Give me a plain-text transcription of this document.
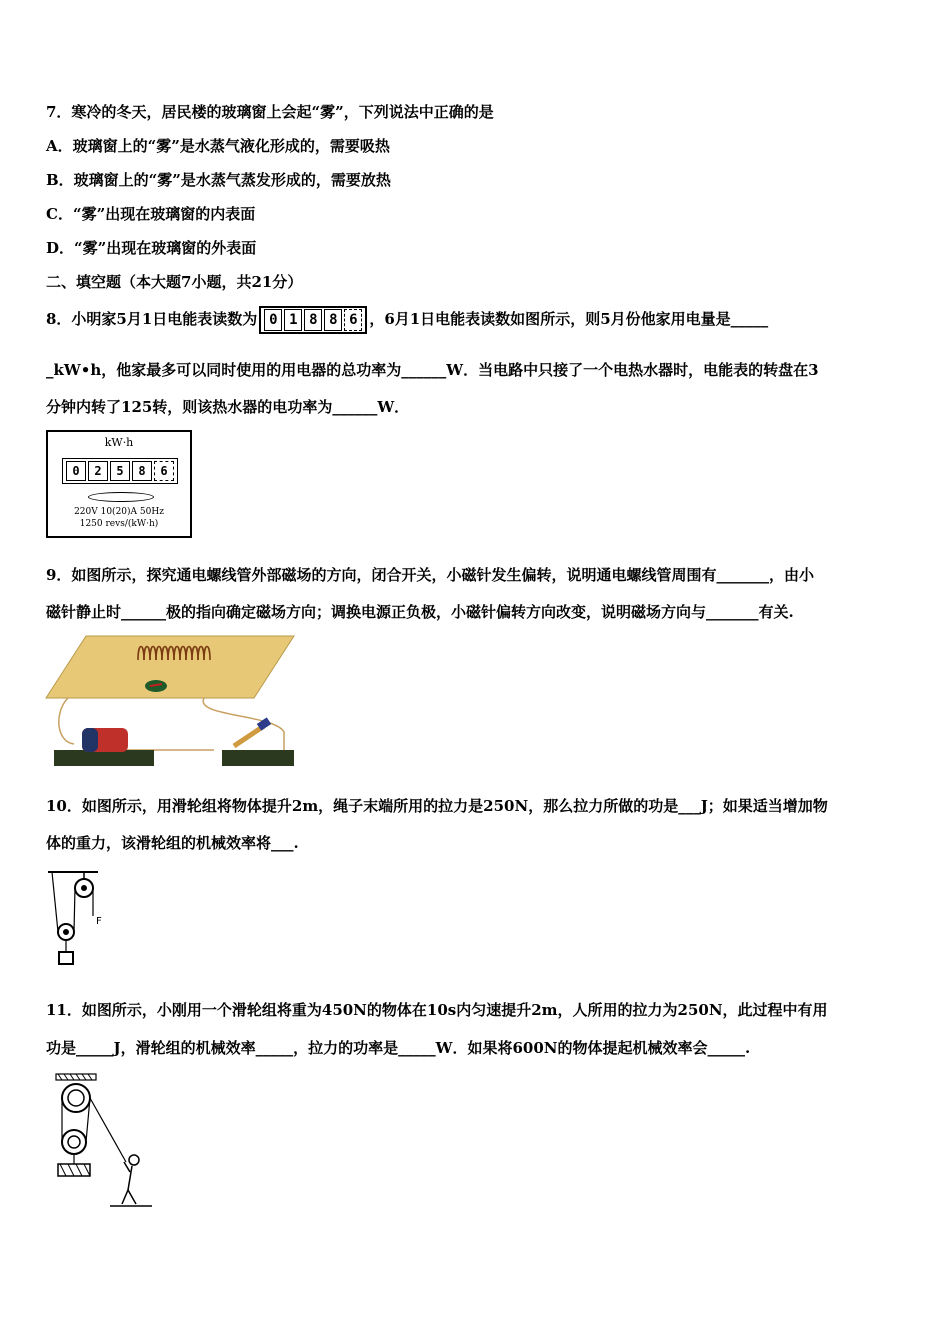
7．寒冷的冬天，居民楼的玻璃窗上会起“雾”，下列说法中正确的是
A．玻璃窗上的“雾”是水蒸气液化形成的，需要吸热
B．玻璃窗上的“雾”是水蒸气蒸发形成的，需要放热
C．“雾”出现在玻璃窗的内表面
D．“雾”出现在玻璃窗的外表面
二、填空题（本大题7小题，共21分）
8．小明家5月1日电能表读数为 0 1 8 8 6 ，6月1日电能表读数如图所示，则5月份他家用电量是_____
_kW•h，他家最多可以同时使用的用电器的总功率为______W．当电路中只接了一个电热水器时，电能表的转盘在3
分钟内转了125转，则该热水器的电功率为______W．
kW·h
0 2 5 8 6
220V 10(20)A 50Hz
1250 revs/(kW·h)
9．如图所示，探究通电螺线管外部磁场的方向，闭合开关，小磁针发生偏转，说明通电螺线管周围有_______，由小
磁针静止时______极的指向确定磁场方向；调换电源正负极，小磁针偏转方向改变，说明磁场方向与_______有关.
10．如图所示，用滑轮组将物体提升2m，绳子末端所用的拉力是250N，那么拉力所做的功是___J；如果适当增加物
体的重力，该滑轮组的机械效率将___.
F
11．如图所示，小刚用一个滑轮组将重为450N的物体在10s内匀速提升2m，人所用的拉力为250N，此过程中有用
功是_____J，滑轮组的机械效率_____，拉力的功率是_____W．如果将600N的物体提起机械效率会_____.
